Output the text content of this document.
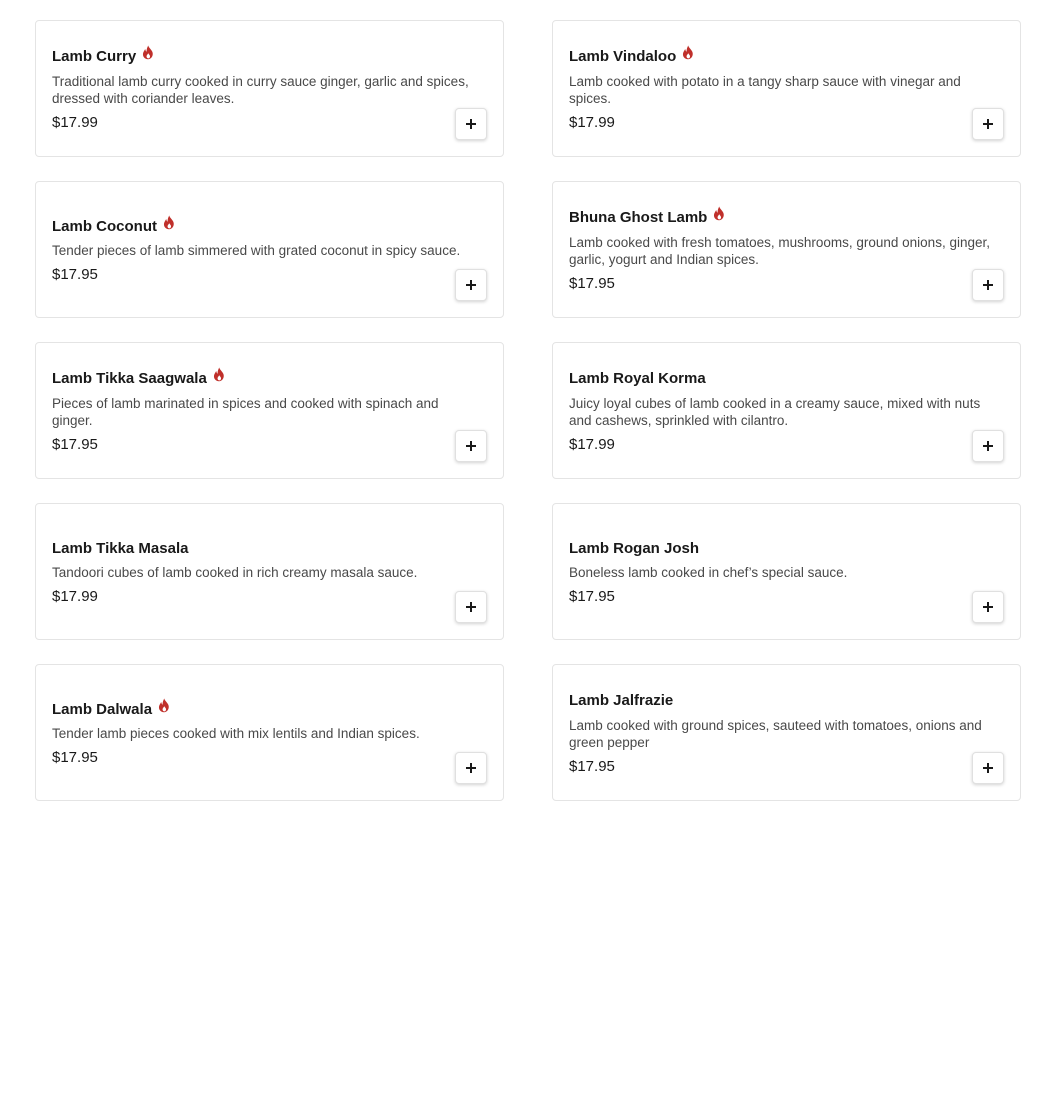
Lamb Curry
Traditional lamb curry cooked in curry sauce ginger, garlic and spices, dressed with coriander leaves.
$17.99
Lamb Vindaloo
Lamb cooked with potato in a tangy sharp sauce with vinegar and spices.
$17.99
Lamb Coconut
Tender pieces of lamb simmered with grated coconut in spicy sauce.
$17.95
Bhuna Ghost Lamb
Lamb cooked with fresh tomatoes, mushrooms, ground onions, ginger, garlic, yogurt and Indian spices.
$17.95
Lamb Tikka Saagwala
Pieces of lamb marinated in spices and cooked with spinach and ginger.
$17.95
Lamb Royal Korma
Juicy loyal cubes of lamb cooked in a creamy sauce, mixed with nuts and cashews, sprinkled with cilantro.
$17.99
Lamb Tikka Masala
Tandoori cubes of lamb cooked in rich creamy masala sauce.
$17.99
Lamb Rogan Josh
Boneless lamb cooked in chef’s special sauce.
$17.95
Lamb Dalwala
Tender lamb pieces cooked with mix lentils and Indian spices.
$17.95
Lamb Jalfrazie
Lamb cooked with ground spices, sauteed with tomatoes, onions and green pepper
$17.95
